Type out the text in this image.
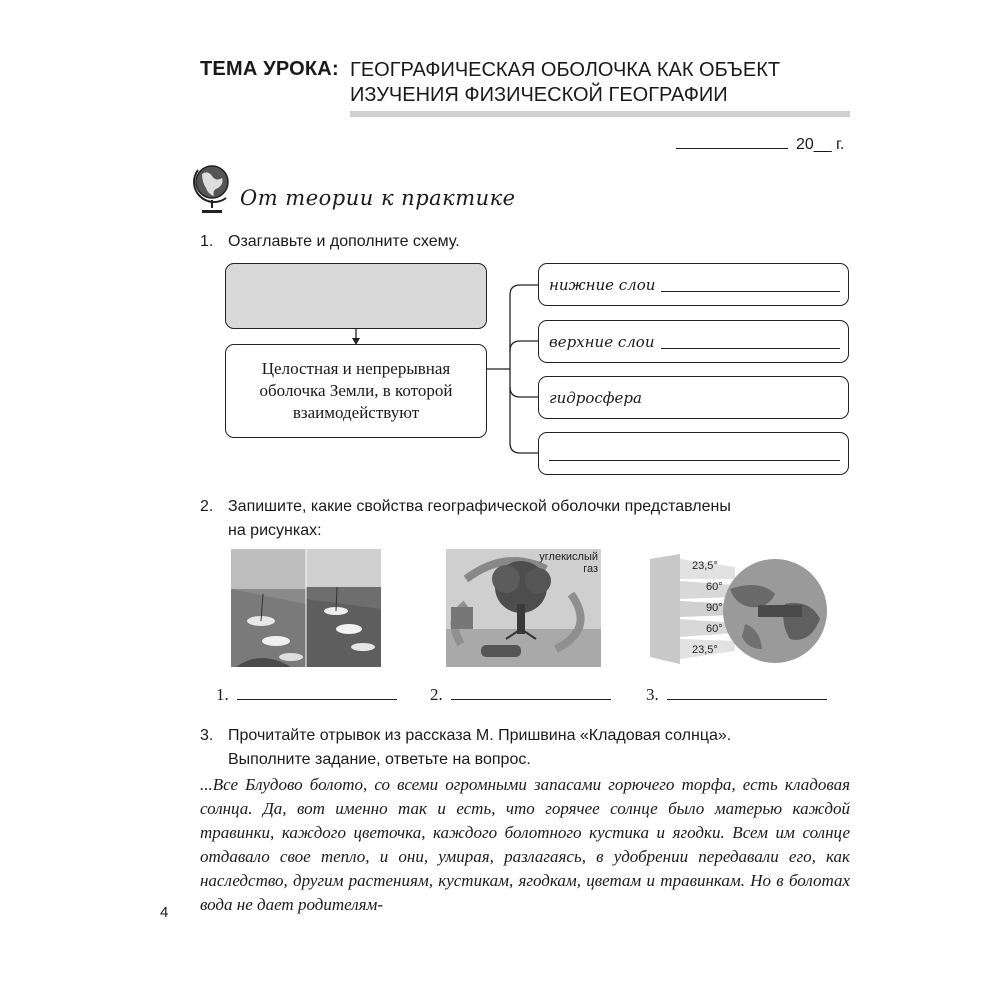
ТЕМА УРОКА: ГЕОГРАФИЧЕСКАЯ ОБОЛОЧКА КАК ОБЪЕКТ
ИЗУЧЕНИЯ ФИЗИЧЕСКОЙ ГЕОГРАФИИ
20__ г.
От теории к практике
1. Озаглавьте и дополните схему.
Целостная и непрерывная
оболочка Земли, в которой
взаимодействуют
нижние слои
верхние слои
гидросфера
2. Запишите, какие свойства географической оболочки представлены
на рисунках:
углекислый
газ	23,5°
60°
90°
60°
23,5°
1.	2.	3.
3. Прочитайте отрывок из рассказа М. Пришвина «Кладовая солнца».
Выполните задание, ответьте на вопрос.
...Все Блудово болото, со всеми огромными запасами горючего торфа, есть кладовая солнца. Да, вот именно так и есть, что горячее солнце было матерью каждой травинки, каждого цветочка, каждого болотного кустика и ягодки. Всем им солнце отдавало свое тепло, и они, умирая, разлагаясь, в удобрении передавали его, как наследство, другим растениям, кустикам, ягодкам, цветам и травинкам. Но в болотах вода не дает родителям-
4
